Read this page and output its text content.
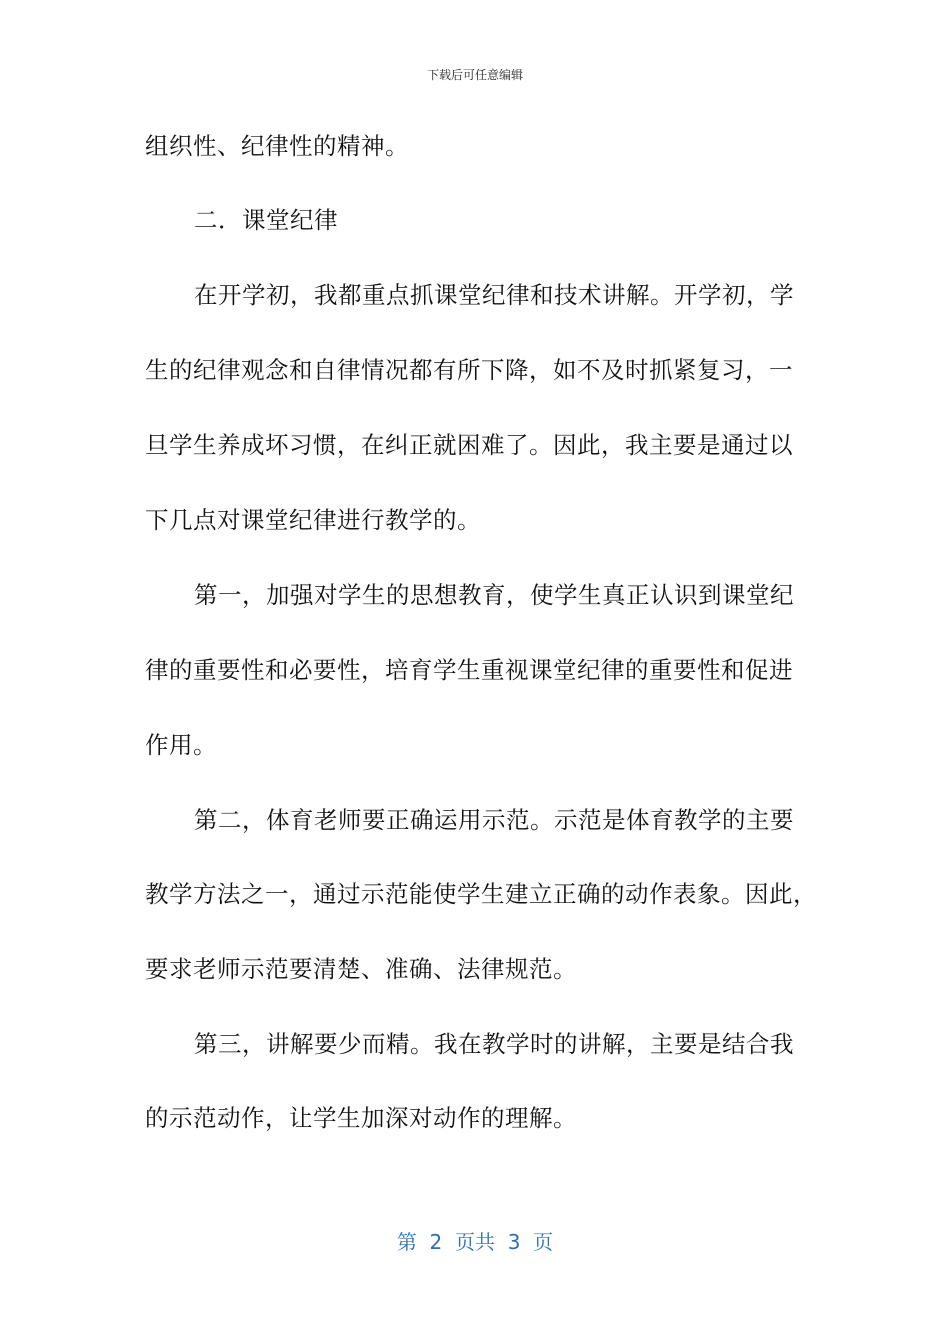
下载后可任意编辑
组织性、纪律性的精神。
二．课堂纪律
在开学初，我都重点抓课堂纪律和技术讲解。开学初，学
生的纪律观念和自律情况都有所下降，如不及时抓紧复习，一
旦学生养成坏习惯，在纠正就困难了。因此，我主要是通过以
下几点对课堂纪律进行教学的。
第一，加强对学生的思想教育，使学生真正认识到课堂纪
律的重要性和必要性，培育学生重视课堂纪律的重要性和促进
作用。
第二，体育老师要正确运用示范。示范是体育教学的主要
教学方法之一，通过示范能使学生建立正确的动作表象。因此，
要求老师示范要清楚、准确、法律规范。
第三，讲解要少而精。我在教学时的讲解，主要是结合我
的示范动作，让学生加深对动作的理解。
第  2  页共  3  页
